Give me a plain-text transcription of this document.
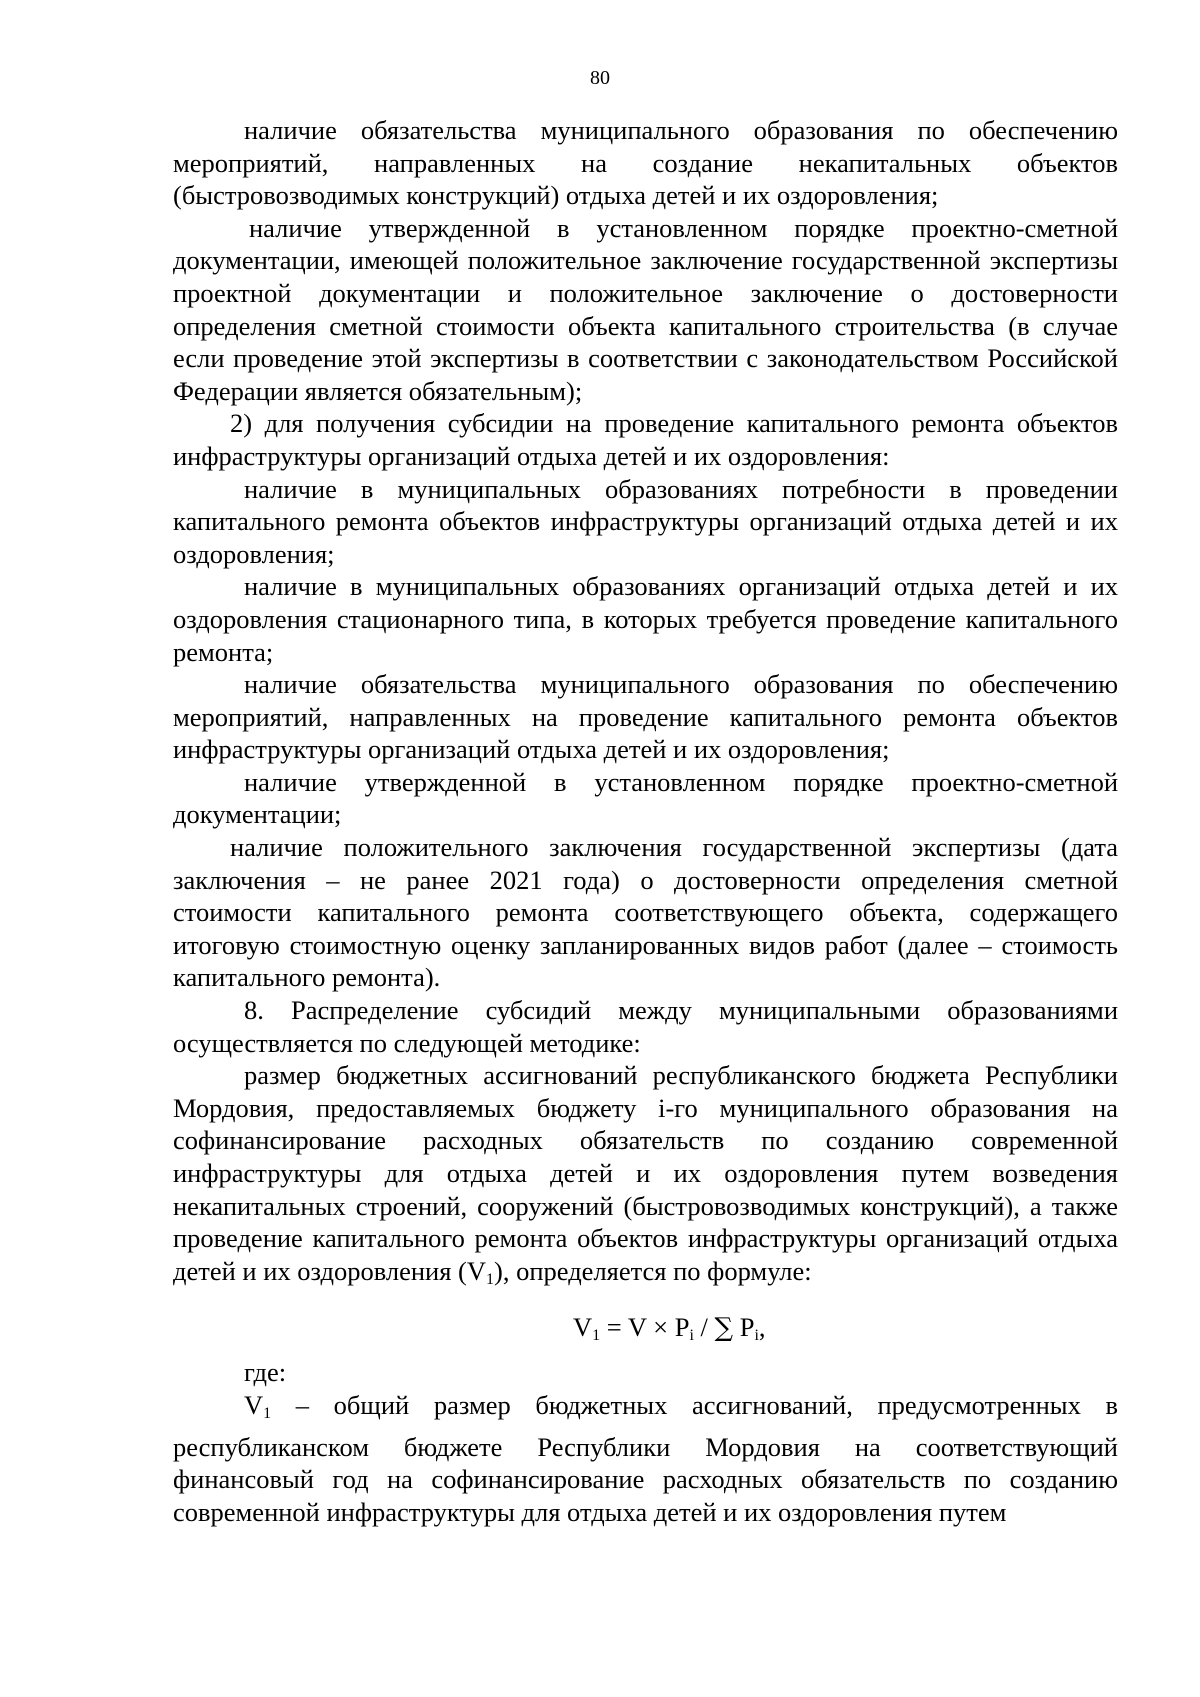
80

наличие обязательства муниципального образования по обеспечению мероприятий, направленных на создание некапитальных объектов (быстровозводимых конструкций) отдыха детей и их оздоровления;

наличие утвержденной в установленном порядке проектно-сметной документации, имеющей положительное заключение государственной экспертизы проектной документации и положительное заключение о достоверности определения сметной стоимости объекта капитального строительства (в случае если проведение этой экспертизы в соответствии с законодательством Российской Федерации является обязательным);

2) для получения субсидии на проведение капитального ремонта объектов инфраструктуры организаций отдыха детей и их оздоровления:

наличие в муниципальных образованиях потребности в проведении капитального ремонта объектов инфраструктуры организаций отдыха детей и их оздоровления;

наличие в муниципальных образованиях организаций отдыха детей и их оздоровления стационарного типа, в которых требуется проведение капитального ремонта;

наличие обязательства муниципального образования по обеспечению мероприятий, направленных на проведение капитального ремонта объектов инфраструктуры организаций отдыха детей и их оздоровления;

наличие утвержденной в установленном порядке проектно-сметной документации;

наличие положительного заключения государственной экспертизы (дата заключения – не ранее 2021 года) о достоверности определения сметной стоимости капитального ремонта соответствующего объекта, содержащего итоговую стоимостную оценку запланированных видов работ (далее – стоимость капитального ремонта).

8. Распределение субсидий между муниципальными образованиями осуществляется по следующей методике:

размер бюджетных ассигнований республиканского бюджета Республики Мордовия, предоставляемых бюджету i-го муниципального образования на софинансирование расходных обязательств по созданию современной инфраструктуры для отдыха детей и их оздоровления путем возведения некапитальных строений, сооружений (быстровозводимых конструкций), а также проведение капитального ремонта объектов инфраструктуры организаций отдыха детей и их оздоровления $(V_1)$, определяется по формуле:

$V_1 = V \times P_i$ / ∑ $P_i$,

где:

$V_1$ – общий размер бюджетных ассигнований, предусмотренных в республиканском бюджете Республики Мордовия на соответствующий финансовый год на софинансирование расходных обязательств по созданию современной инфраструктуры для отдыха детей и их оздоровления путем
